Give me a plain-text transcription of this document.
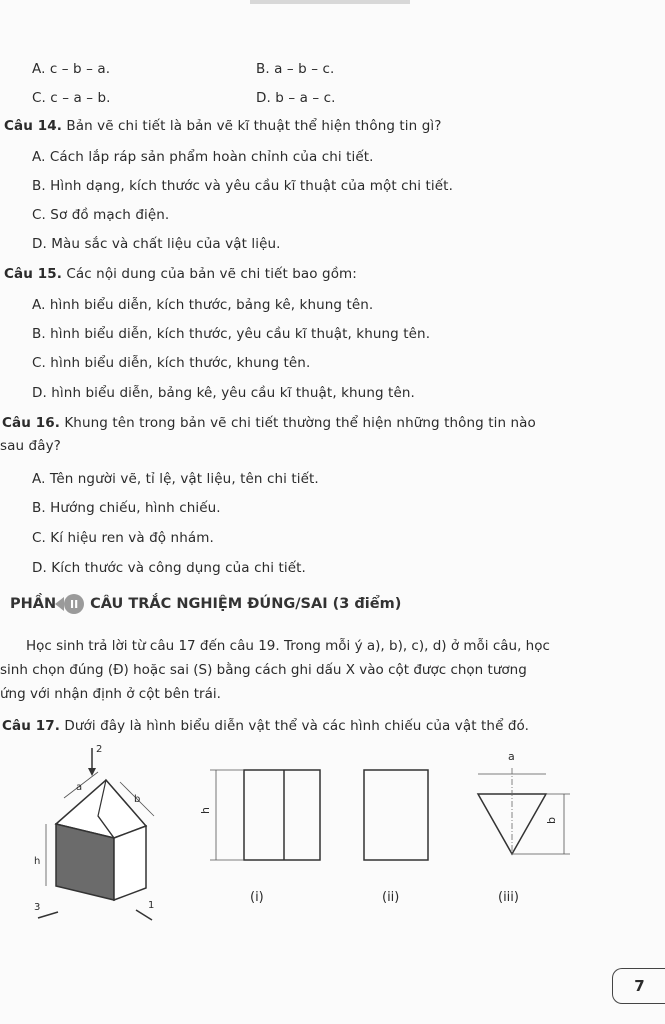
A. c – b – a.	B. a – b – c.
C. c – a – b.	D. b – a – c.
Câu 14. Bản vẽ chi tiết là bản vẽ kĩ thuật thể hiện thông tin gì?
A. Cách lắp ráp sản phẩm hoàn chỉnh của chi tiết.
B. Hình dạng, kích thước và yêu cầu kĩ thuật của một chi tiết.
C. Sơ đồ mạch điện.
D. Màu sắc và chất liệu của vật liệu.
Câu 15. Các nội dung của bản vẽ chi tiết bao gồm:
A. hình biểu diễn, kích thước, bảng kê, khung tên.
B. hình biểu diễn, kích thước, yêu cầu kĩ thuật, khung tên.
C. hình biểu diễn, kích thước, khung tên.
D. hình biểu diễn, bảng kê, yêu cầu kĩ thuật, khung tên.
Câu 16. Khung tên trong bản vẽ chi tiết thường thể hiện những thông tin nào
sau đây?
A. Tên người vẽ, tỉ lệ, vật liệu, tên chi tiết.
B. Hướng chiếu, hình chiếu.
C. Kí hiệu ren và độ nhám.
D. Kích thước và công dụng của chi tiết.
PHẦN	II CÂU TRẮC NGHIỆM ĐÚNG/SAI (3 điểm)
Học sinh trả lời từ câu 17 đến câu 19. Trong mỗi ý a), b), c), d) ở mỗi câu, học
sinh chọn đúng (Đ) hoặc sai (S) bằng cách ghi dấu X vào cột được chọn tương
ứng với nhận định ở cột bên trái.
Câu 17. Dưới đây là hình biểu diễn vật thể và các hình chiếu của vật thể đó.
2
a
b
h
3	1
h
(i)	(ii)
a
b
(iii)
7
